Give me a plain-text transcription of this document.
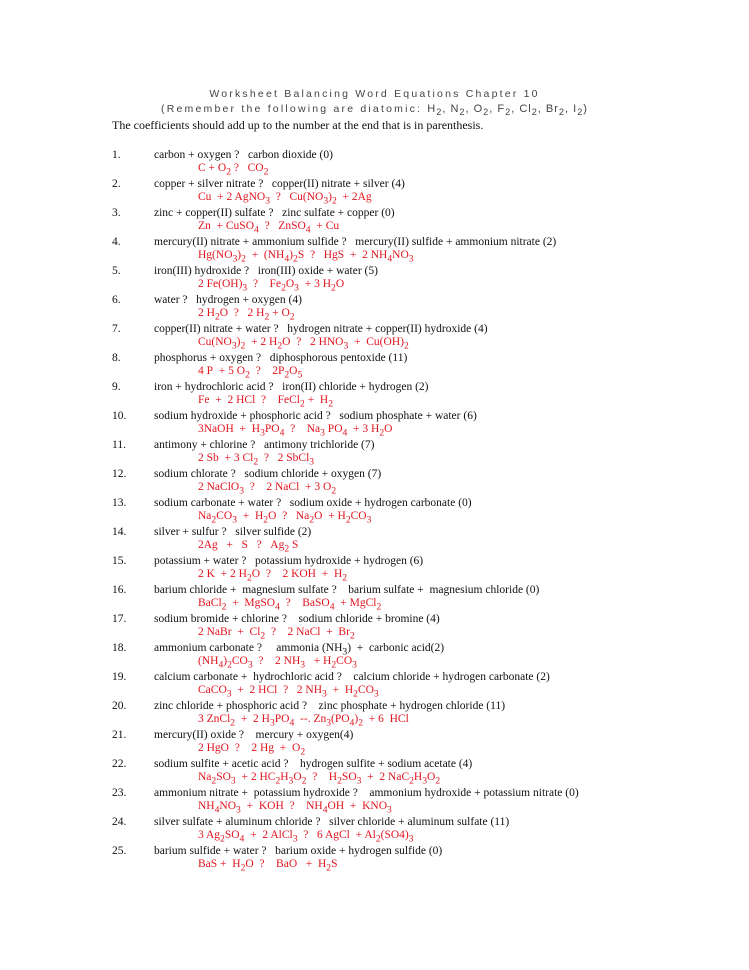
Worksheet Balancing Word Equations Chapter 10
(Remember the following are diatomic: $H_2$, $N_2$, $O_2$, $F_2$, $Cl_2$, $Br_2$, $I_2$)
The coefficients should add up to the number at the end that is in parenthesis.
1.	carbon + oxygen ?   carbon dioxide (0)
$C + O_2$ ?   $CO_2$
2.	copper + silver nitrate ?   copper(II) nitrate + silver (4)
Cu  + 2 AgNO$_3$  ?   $Cu(NO_3)_2 + 2Ag$
3.	zinc + copper(II) sulfate ?   zinc sulfate + copper (0)
Zn  + CuSO$_4$  ?   ZnSO$_4$  + Cu
4.	mercury(II) nitrate + ammonium sulfide ?   mercury(II) sulfide + ammonium nitrate (2)
$Hg(NO_3)_2 + (NH_4)_2S$  ?   HgS  +  2 $NH_4NO_3$
5.	iron(III) hydroxide ?   iron(III) oxide + water (5)
2 $Fe(OH)_3$  ?    $Fe_2O_3 + 3$ $H_2O$
6.	water ?   hydrogen + oxygen (4)
2 $H_2O$  ?   2 $H_2 + O_2$
7.	copper(II) nitrate + water ?   hydrogen nitrate + copper(II) hydroxide (4)
$Cu(NO_3)_2 + 2$ $H_2O$  ?   2 $HNO_3 + Cu(OH)_2$
8.	phosphorus + oxygen ?   diphosphorous pentoxide (11)
4 P  + 5 $O_2$  ?    $2P_2O_5$
9.	iron + hydrochloric acid ?   iron(II) chloride + hydrogen (2)
Fe  +  2 HCl  ?    FeCl$_2$ +  $H_2$
10. sodium hydroxide + phosphoric acid ?   sodium phosphate + water (6)
3NaOH  +  $H_3PO_4$  ?    $Na_3$ $PO_4 + 3$ $H_2O$
11. antimony + chlorine ?   antimony trichloride (7)
2 Sb  + 3 $Cl_2$  ?   2 SbCl$_3$
12. sodium chlorate ?   sodium chloride + oxygen (7)
2 NaClO$_3$  ?    2 NaCl  + 3 $O_2$
13. sodium carbonate + water ?   sodium oxide + hydrogen carbonate (0)
$Na_2CO_3 + H_2O$  ?   $Na_2O + H_2CO_3$
14. silver + sulfur ?   silver sulfide (2)
2Ag   +   S   ?   $Ag_2$ S
15. potassium + water ?   potassium hydroxide + hydrogen (6)
2 K  + 2 $H_2O$  ?    2 KOH  +  $H_2$
16. barium chloride +  magnesium sulfate ?    barium sulfate +  magnesium chloride (0)
BaCl$_2$  +  MgSO$_4$  ?    BaSO$_4$  + MgCl$_2$
17. sodium bromide + chlorine ?    sodium chloride + bromine (4)
2 NaBr  +  $Cl_2$  ?    2 NaCl  +  $Br_2$
18. ammonium carbonate ?     ammonia $(NH_3)$  +  carbonic acid(2)
$(NH_4)_2CO_3$  ?    2 $NH_3 + H_2CO_3$
19. calcium carbonate +  hydrochloric acid ?    calcium chloride + hydrogen carbonate (2)
CaCO$_3$  +  2 HCl  ?   2 $NH_3 + H_2CO_3$
20. zinc chloride + phosphoric acid ?    zinc phosphate + hydrogen chloride (11)
3 ZnCl$_2$  +  2 $H_3PO_4$  --. $Zn_3(PO_4)_2 + 6$  HCl
21. mercury(II) oxide ?    mercury + oxygen(4)
2 HgO  ?    2 $Hg + O_2$
22. sodium sulfite + acetic acid ?    hydrogen sulfite + sodium acetate (4)
$Na_2SO_3 + 2$ $HC_2H_3O_2$  ?    $H_2SO_3 + 2$ $NaC_2H_3O_2$
23. ammonium nitrate +  potassium hydroxide ?    ammonium hydroxide + potassium nitrate (0)
$NH_4NO_3$  +  KOH  ?    $NH_4OH + KNO_3$
24. silver sulfate + aluminum chloride ?   silver chloride + aluminum sulfate (11)
3 $Ag_2SO_4 + 2$ AlCl$_3$  ?   6 AgCl  + $Al_2(SO4)_3$
25. barium sulfide + water ?   barium oxide + hydrogen sulfide (0)
BaS +  $H_2O$  ?    BaO   +  $H_2S$
